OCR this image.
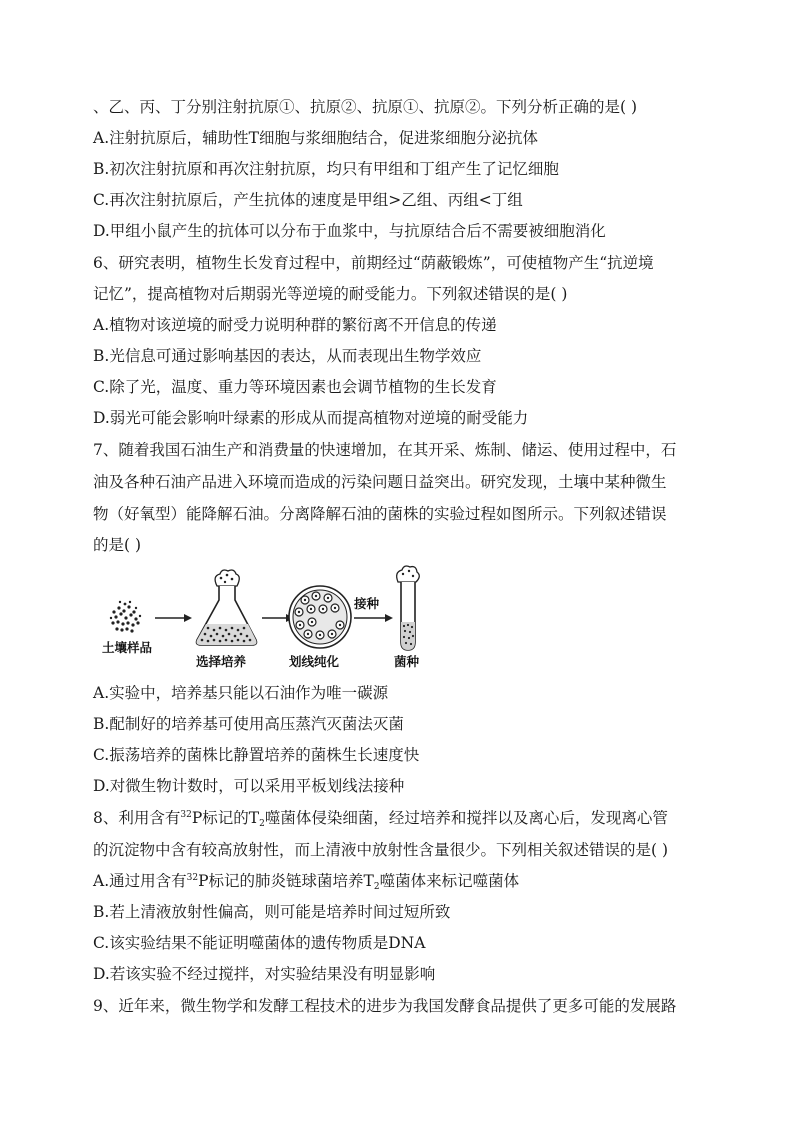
、乙、丙、丁分别注射抗原①、抗原②、抗原①、抗原②。下列分析正确的是( )
A.注射抗原后，辅助性T细胞与浆细胞结合，促进浆细胞分泌抗体
B.初次注射抗原和再次注射抗原，均只有甲组和丁组产生了记忆细胞
C.再次注射抗原后，产生抗体的速度是甲组>乙组、丙组<丁组
D.甲组小鼠产生的抗体可以分布于血浆中，与抗原结合后不需要被细胞消化
6、研究表明，植物生长发育过程中，前期经过“荫蔽锻炼”，可使植物产生“抗逆境
记忆”，提高植物对后期弱光等逆境的耐受能力。下列叙述错误的是( )
A.植物对该逆境的耐受力说明种群的繁衍离不开信息的传递
B.光信息可通过影响基因的表达，从而表现出生物学效应
C.除了光，温度、重力等环境因素也会调节植物的生长发育
D.弱光可能会影响叶绿素的形成从而提高植物对逆境的耐受能力
7、随着我国石油生产和消费量的快速增加，在其开采、炼制、储运、使用过程中，石
油及各种石油产品进入环境而造成的污染问题日益突出。研究发现，土壤中某种微生
物（好氧型）能降解石油。分离降解石油的菌株的实验过程如图所示。下列叙述错误
的是( )
土壤样品
选择培养	划线纯化
接种
菌种
A.实验中，培养基只能以石油作为唯一碳源
B.配制好的培养基可使用高压蒸汽灭菌法灭菌
C.振荡培养的菌株比静置培养的菌株生长速度快
D.对微生物计数时，可以采用平板划线法接种
8、利用含有$^{32}$P标记的$T_2$噬菌体侵染细菌，经过培养和搅拌以及离心后，发现离心管
的沉淀物中含有较高放射性，而上清液中放射性含量很少。下列相关叙述错误的是( )
A.通过用含有$^{32}$P标记的肺炎链球菌培养$T_2$噬菌体来标记噬菌体
B.若上清液放射性偏高，则可能是培养时间过短所致
C.该实验结果不能证明噬菌体的遗传物质是DNA
D.若该实验不经过搅拌，对实验结果没有明显影响
9、近年来，微生物学和发酵工程技术的进步为我国发酵食品提供了更多可能的发展路
